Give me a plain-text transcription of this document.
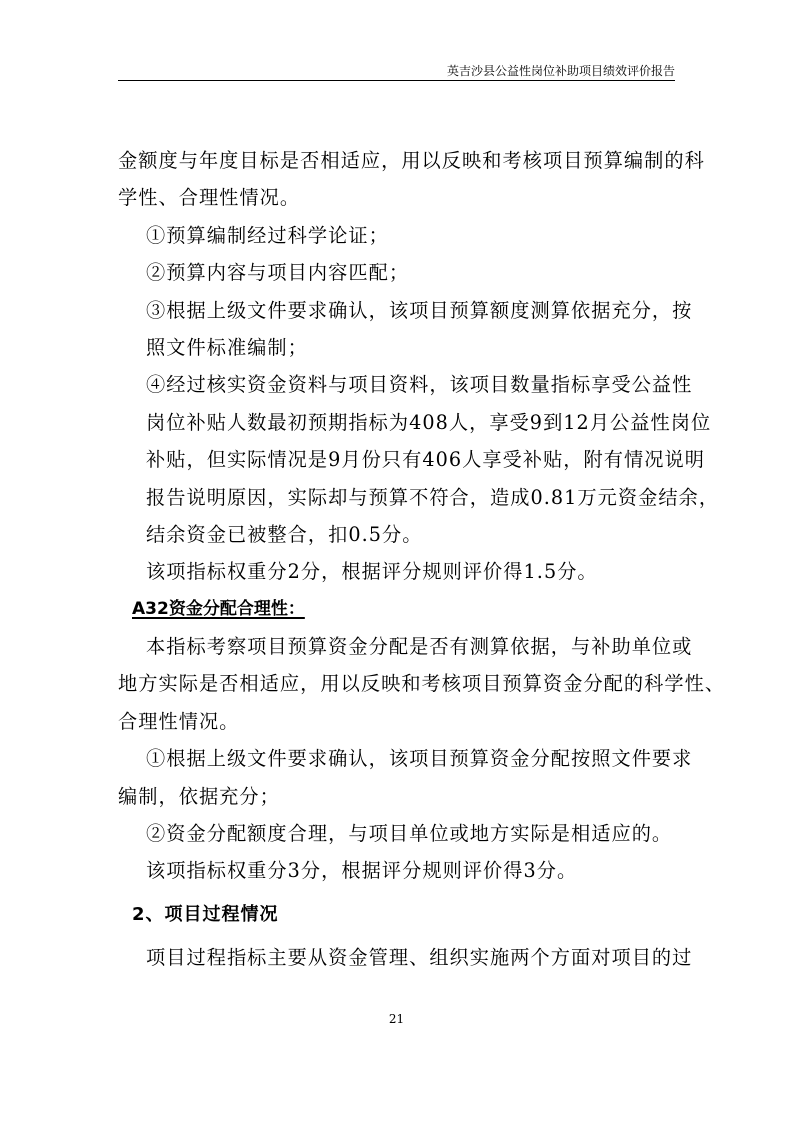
英吉沙县公益性岗位补助项目绩效评价报告
金额度与年度目标是否相适应，用以反映和考核项目预算编制的科
学性、合理性情况。
①预算编制经过科学论证；
②预算内容与项目内容匹配；
③根据上级文件要求确认，该项目预算额度测算依据充分，按
照文件标准编制；
④经过核实资金资料与项目资料，该项目数量指标享受公益性
岗位补贴人数最初预期指标为408人，享受9到12月公益性岗位
补贴，但实际情况是9月份只有406人享受补贴，附有情况说明
报告说明原因，实际却与预算不符合，造成0.81万元资金结余，
结余资金已被整合，扣0.5分。
该项指标权重分2分，根据评分规则评价得1.5分。
A32资金分配合理性：
本指标考察项目预算资金分配是否有测算依据，与补助单位或
地方实际是否相适应，用以反映和考核项目预算资金分配的科学性、
合理性情况。
①根据上级文件要求确认，该项目预算资金分配按照文件要求
编制，依据充分；
②资金分配额度合理，与项目单位或地方实际是相适应的。
该项指标权重分3分，根据评分规则评价得3分。
2、项目过程情况
项目过程指标主要从资金管理、组织实施两个方面对项目的过
21
